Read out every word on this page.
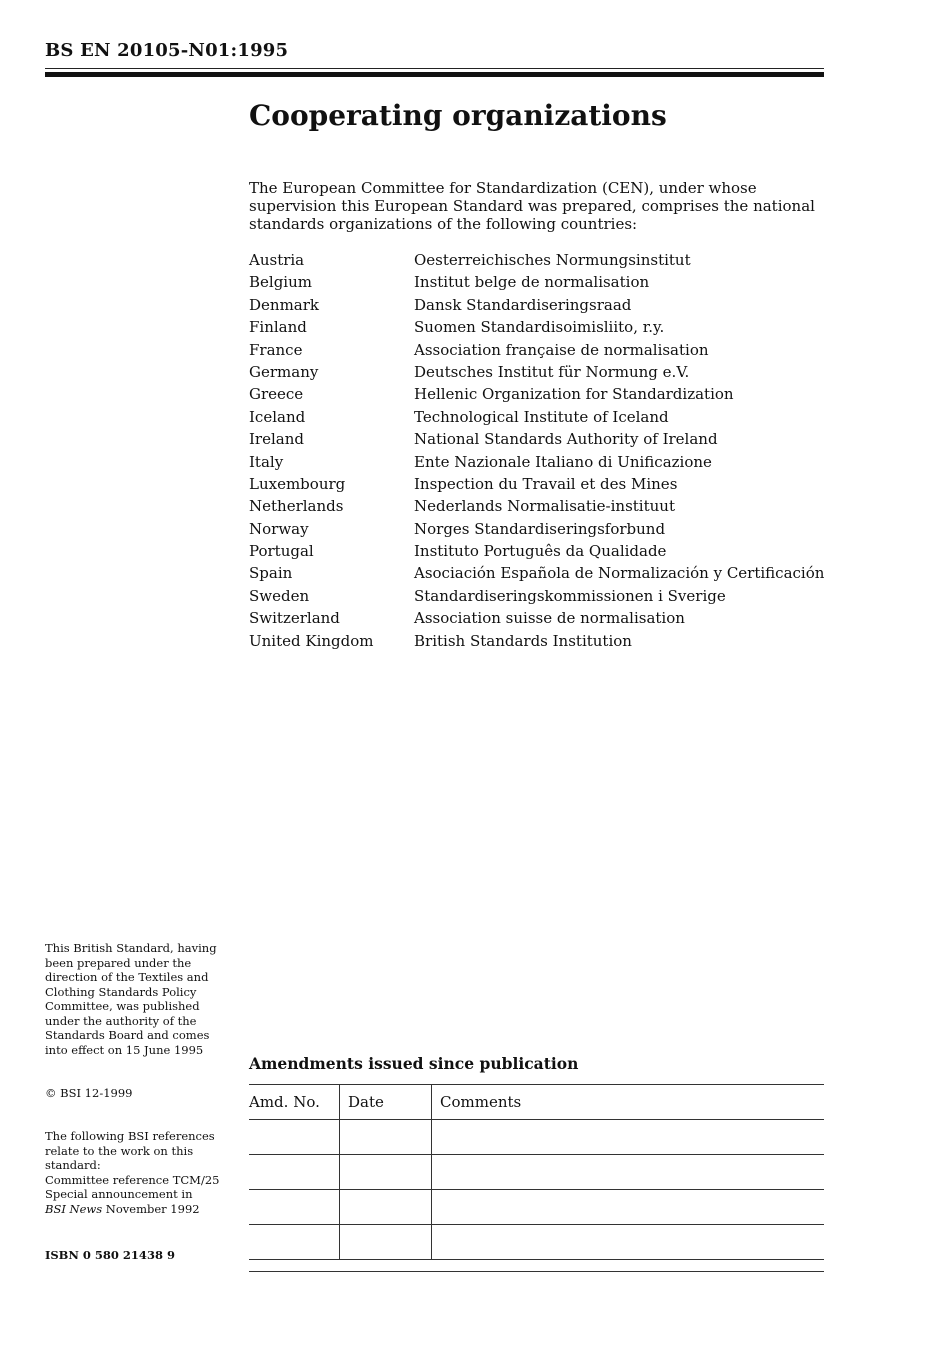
BS EN 20105-N01:1995
Cooperating organizations

The European Committee for Standardization (CEN), under whose supervision this European Standard was prepared, comprises the national standards organizations of the following countries:

Austria	Oesterreichisches Normungsinstitut
Belgium	Institut belge de normalisation
Denmark	Dansk Standardiseringsraad
Finland	Suomen Standardisoimisliito, r.y.
France	Association française de normalisation
Germany	Deutsches Institut für Normung e.V.
Greece	Hellenic Organization for Standardization
Iceland	Technological Institute of Iceland
Ireland	National Standards Authority of Ireland
Italy	Ente Nazionale Italiano di Unificazione
Luxembourg	Inspection du Travail et des Mines
Netherlands	Nederlands Normalisatie-instituut
Norway	Norges Standardiseringsforbund
Portugal	Instituto Português da Qualidade
Spain	Asociación Española de Normalización y Certificación
Sweden	Standardiseringskommissionen i Sverige
Switzerland	Association suisse de normalisation
United Kingdom	British Standards Institution

This British Standard, having been prepared under the direction of the Textiles and Clothing Standards Policy Committee, was published under the authority of the Standards Board and comes into effect on 15 June 1995

© BSI 12-1999

The following BSI references relate to the work on this standard:
Committee reference TCM/25
Special announcement in
BSI News November 1992

ISBN 0 580 21438 9

Amendments issued since publication
Amd. No.	Date	Comments
